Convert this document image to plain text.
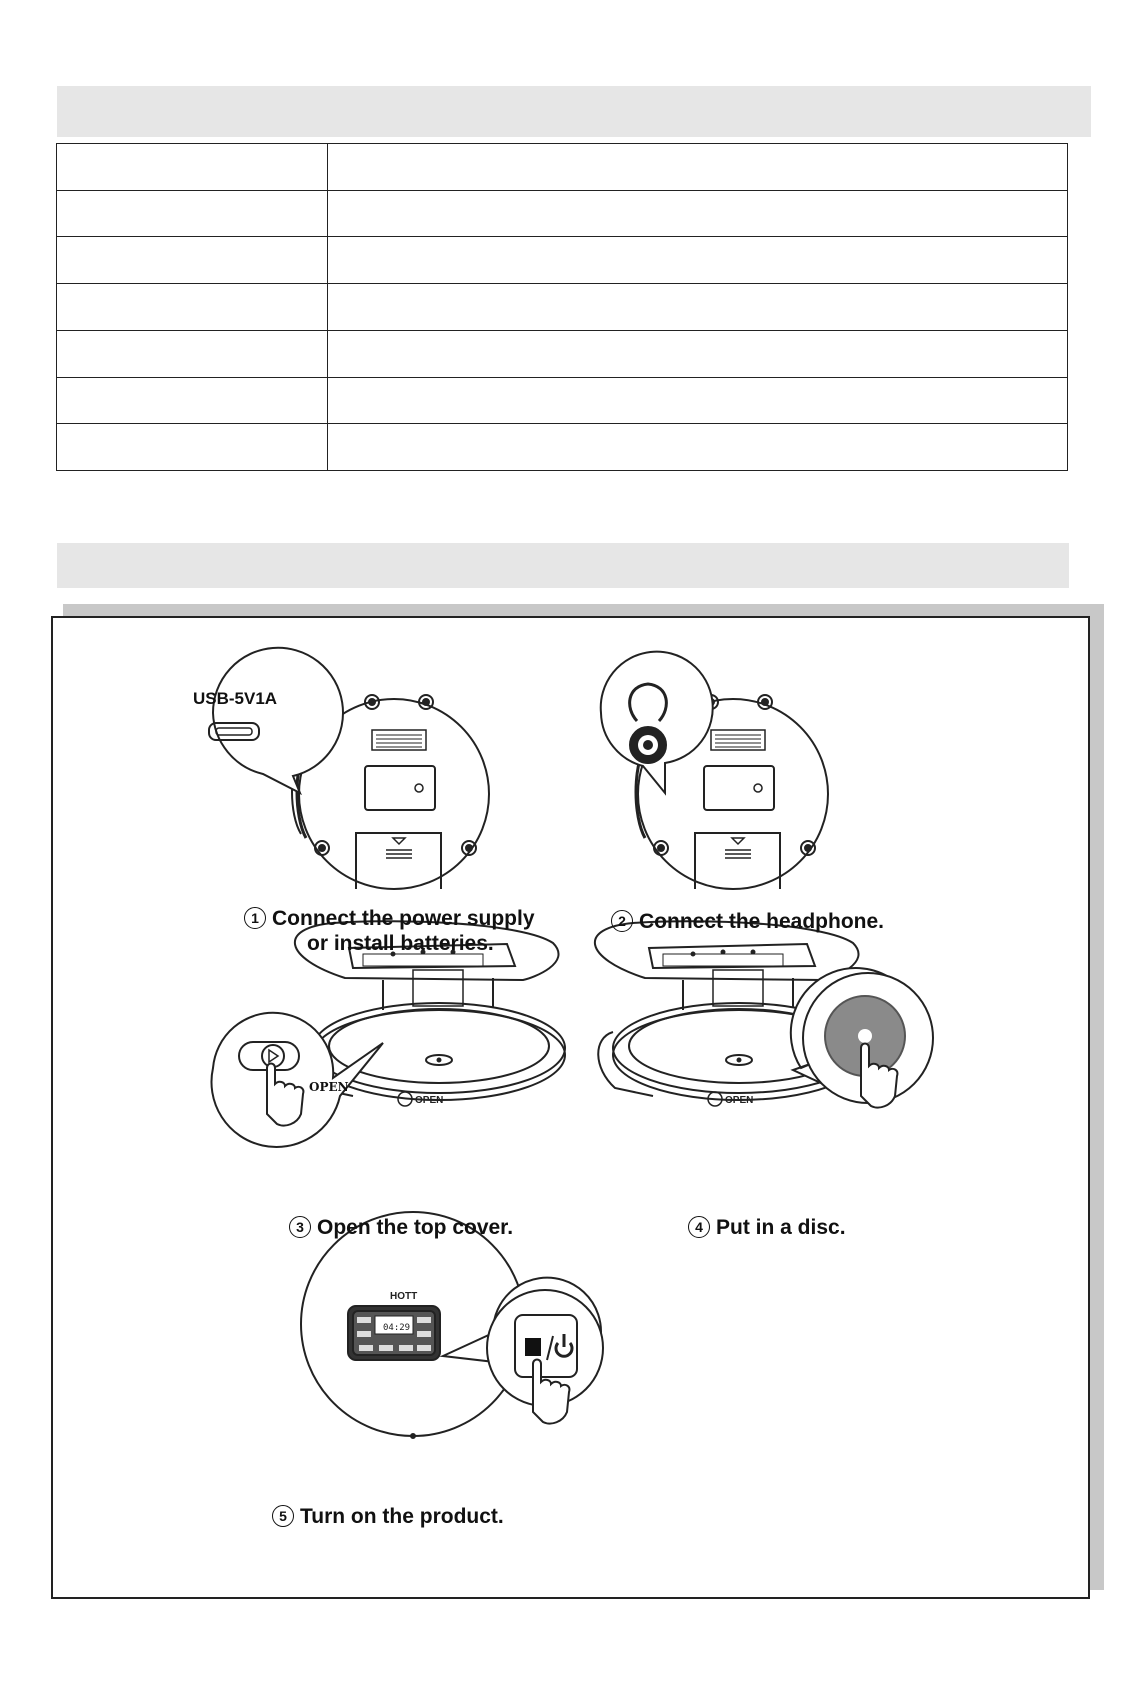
OPEN	OPEN
USB-5V1A
OPEN
HOTT
04:29
1 Connect the power supply
or install batteries.
2 Connect the headphone.
3 Open the top cover.	4 Put in a disc.
5 Turn on the product.
